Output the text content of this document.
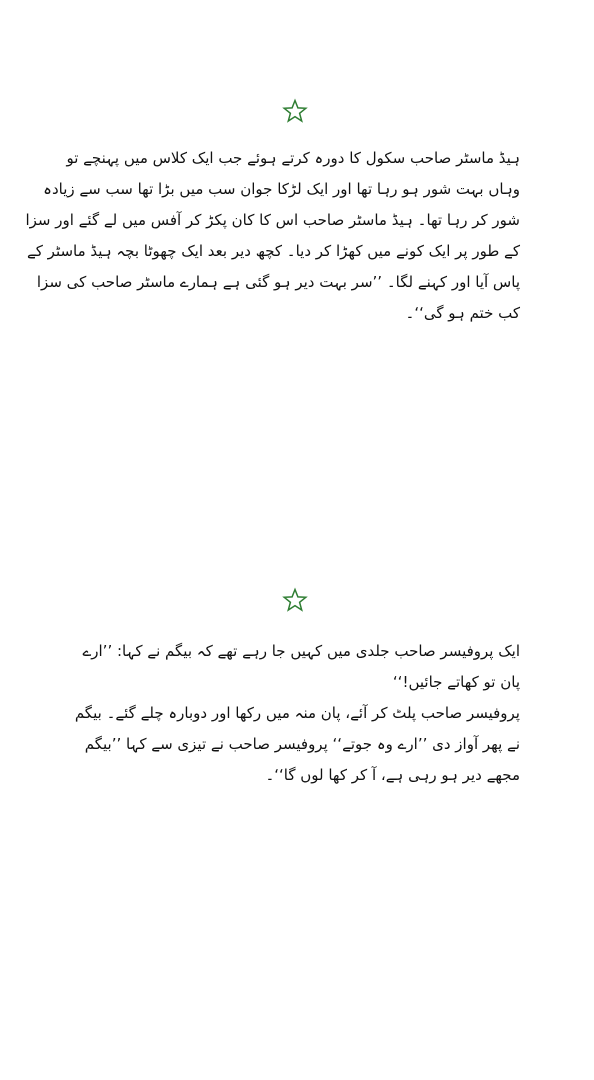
ہیڈ ماسٹر صاحب سکول کا دورہ کرتے ہوئے جب ایک کلاس میں پہنچے تو
وہاں بہت شور ہو رہا تھا اور ایک لڑکا جوان سب میں بڑا تھا سب سے زیادہ
شور کر رہا تھا۔ ہیڈ ماسٹر صاحب اس کا کان پکڑ کر آفس میں لے گئے اور سزا
کے طور پر ایک کونے میں کھڑا کر دیا۔ کچھ دیر بعد ایک چھوٹا بچہ ہیڈ ماسٹر کے
پاس آیا اور کہنے لگا۔ ’’سر بہت دیر ہو گئی ہے ہمارے ماسٹر صاحب کی سزا
کب ختم ہو گی‘‘۔
ایک پروفیسر صاحب جلدی میں کہیں جا رہے تھے کہ بیگم نے کہا: ’’ارے
پان تو کھاتے جائیں!‘‘
پروفیسر صاحب پلٹ کر آئے، پان منہ میں رکھا اور دوبارہ چلے گئے۔ بیگم
نے پھر آواز دی ’’ارے وہ جوتے‘‘ پروفیسر صاحب نے تیزی سے کہا ’’بیگم
مجھے دیر ہو رہی ہے، آ کر کھا لوں گا‘‘۔
